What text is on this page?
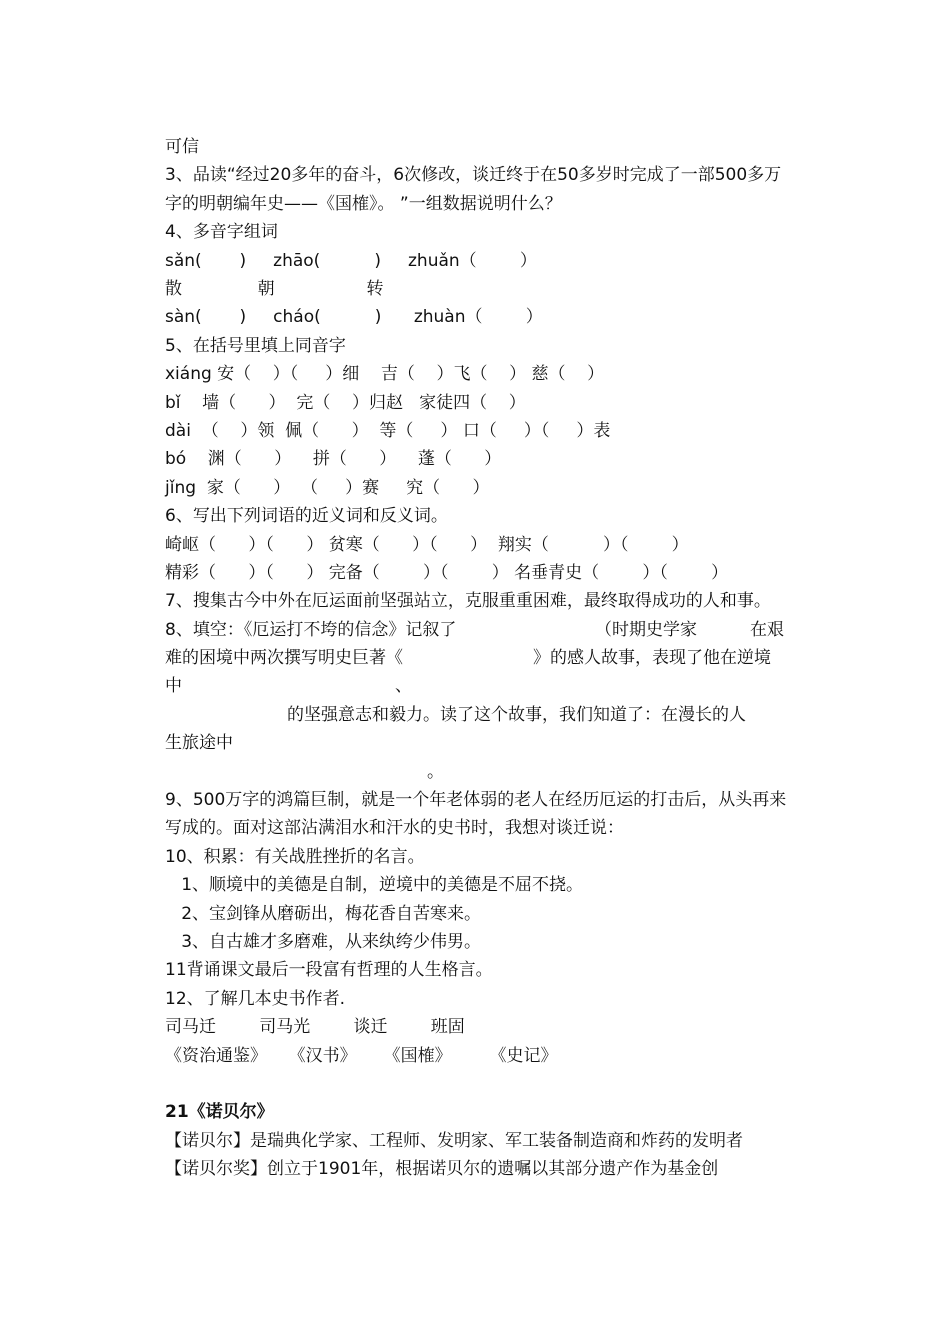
可信
3、品读“经过20多年的奋斗，6次修改，谈迁终于在50多岁时完成了一部500多万字的明朝编年史——《国榷》。 ”一组数据说明什么？
4、多音字组词
sǎn(       )     zhāo(          )     zhuǎn（        ）
散              朝                 转
sàn(       )     cháo(          )      zhuàn（        ）
5、在括号里填上同音字
xiáng 安（    ）（     ）细    吉（    ）飞（    ） 慈（    ）
bǐ    墙（      ）  完（    ）归赵   家徒四（    ）
dài  （    ）领  佩（      ）  等（     ） 口（     ）（     ）表
bó    渊（      ）    拼（      ）    蓬（      ）
jǐng  家（      ）  （     ）赛     究（      ）
6、写出下列词语的近义词和反义词。
崎岖（      ）（      ） 贫寒（      ）（      ）  翔实（          ）（        ）
精彩（      ）（      ） 完备（        ）（        ） 名垂青史（        ）（        ）
7、搜集古今中外在厄运面前坚强站立，克服重重困难，最终取得成功的人和事。

8、填空：《厄运打不垮的信念》记叙了

	（时期史学家

	在艰

难的困境中两次撰写明史巨著《

	》的感人故事，表现了他在逆境

中

	、

的坚强意志和毅力。读了这个故事，我们知道了：在漫长的人

生旅途中

。

9、500万字的鸿篇巨制，就是一个年老体弱的老人在经历厄运的打击后，从头再来写成的。面对这部沾满泪水和汗水的史书时，我想对谈迁说：
10、积累：有关战胜挫折的名言。
1、顺境中的美德是自制，逆境中的美德是不屈不挠。
2、宝剑锋从磨砺出，梅花香自苦寒来。
3、自古雄才多磨难，从来纨绔少伟男。
11背诵课文最后一段富有哲理的人生格言。
12、了解几本史书作者.
司马迁        司马光        谈迁        班固
《资治通鉴》    《汉书》     《国榷》       《史记》
21《诺贝尔》
【诺贝尔】是瑞典化学家、工程师、发明家、军工装备制造商和炸药的发明者
【诺贝尔奖】创立于1901年，根据诺贝尔的遗嘱以其部分遗产作为基金创
